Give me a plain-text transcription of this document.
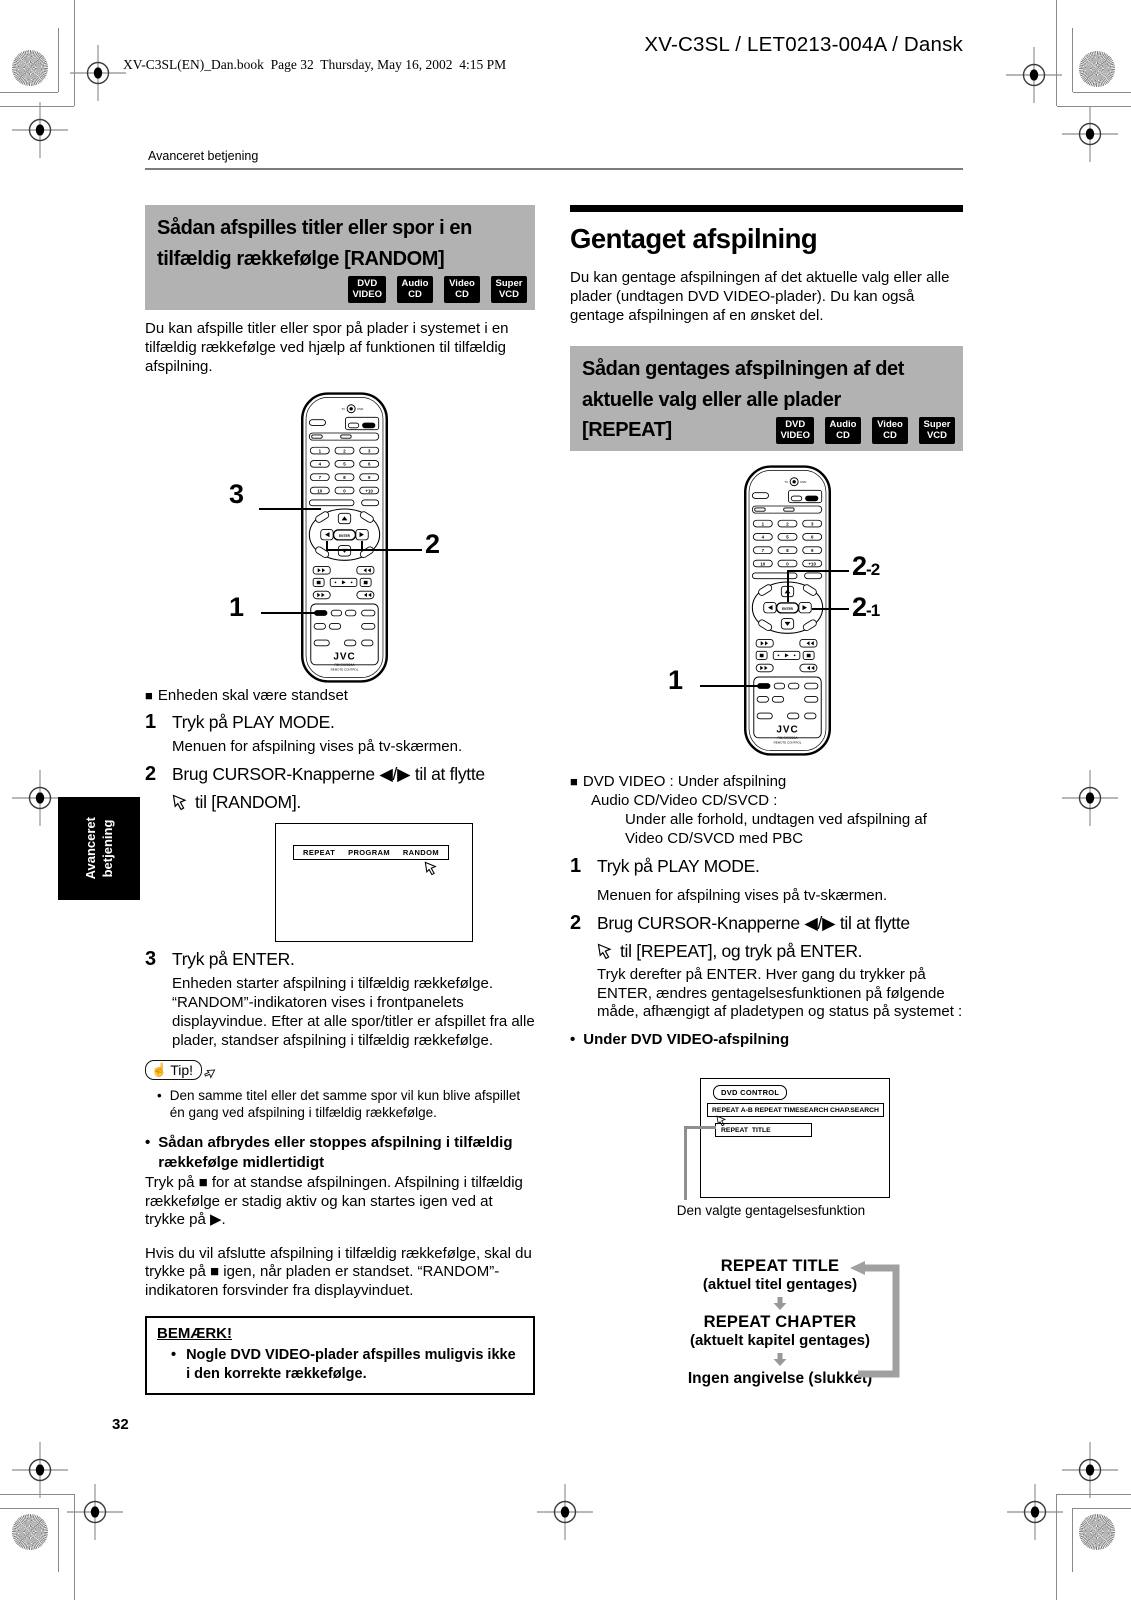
XV-C3SL(EN)_Dan.book  Page 32  Thursday, May 16, 2002  4:15 PM
XV-C3SL / LET0213-004A / Dansk
Avanceret betjening
Avanceret betjening
Sådan afspilles titler eller spor i en
tilfældig rækkefølge [RANDOM]
DVD
VIDEO
Audio
CD
Video
CD
Super
VCD

Du kan afspille titler eller spor på plader i systemet i en tilfældig rækkefølge ved hjælp af funktionen til tilfældig afspilning.

TV	DVD
1	2	3
4	5	6
7	8	9
10	0	+10
ENTER
JVC
RM-SXV004A
REMOTE CONTROL
3
2
1
■ Enheden skal være standset
1 Tryk på PLAY MODE.
Menuen for afspilning vises på tv-skærmen.
2 Brug CURSOR-Knapperne ◀/▶ til at flytte
til [RANDOM].
REPEAT PROGRAM RANDOM
3 Tryk på ENTER.
Enheden starter afspilning i tilfældig rækkefølge. “RANDOM”-indikatoren vises i frontpanelets displayvindue. Efter at alle spor/titler er afspillet fra alle plader, standser afspilning i tilfældig rækkefølge.
☝ Tip!
• Den samme titel eller det samme spor vil kun blive afspillet én gang ved afspilning i tilfældig rækkefølge.
• Sådan afbrydes eller stoppes afspilning i tilfældig rækkefølge midlertidigt

Tryk på ■ for at standse afspilningen. Afspilning i tilfældig rækkefølge er stadig aktiv og kan startes igen ved at trykke på ▶.

Hvis du vil afslutte afspilning i tilfældig rækkefølge, skal du trykke på ■ igen, når pladen er standset. “RANDOM”-indikatoren forsvinder fra displayvinduet.

BEMÆRK!
• Nogle DVD VIDEO-plader afspilles muligvis ikke i den korrekte rækkefølge.
Gentaget afspilning

Du kan gentage afspilningen af det aktuelle valg eller alle plader (undtagen DVD VIDEO-plader). Du kan også gentage afspilningen af en ønsket del.

Sådan gentages afspilningen af det
aktuelle valg eller alle plader
[REPEAT]	DVD
VIDEO
Audio
CD
Video
CD
Super
VCD
TV	DVD
1	2	3
4	5	6
7	8	9
10	0	+10
ENTER
JVC
RM-SXV004A
REMOTE CONTROL
2-2
2-1
1
■ DVD VIDEO : Under afspilning
Audio CD/Video CD/SVCD :
Under alle forhold, undtagen ved afspilning af Video CD/SVCD med PBC
1 Tryk på PLAY MODE.
Menuen for afspilning vises på tv-skærmen.
2 Brug CURSOR-Knapperne ◀/▶ til at flytte
til [REPEAT], og tryk på ENTER.
Tryk derefter på ENTER. Hver gang du trykker på ENTER, ændres gentagelsesfunktionen på følgende måde, afhængigt af pladetypen og status på systemet :
• Under DVD VIDEO-afspilning
DVD CONTROL
REPEAT A-B REPEAT TIMESEARCH CHAP.SEARCH
REPEAT  TITLE
Den valgte gentagelsesfunktion
REPEAT TITLE
(aktuel titel gentages)
REPEAT CHAPTER
(aktuelt kapitel gentages)
Ingen angivelse (slukket)
32
